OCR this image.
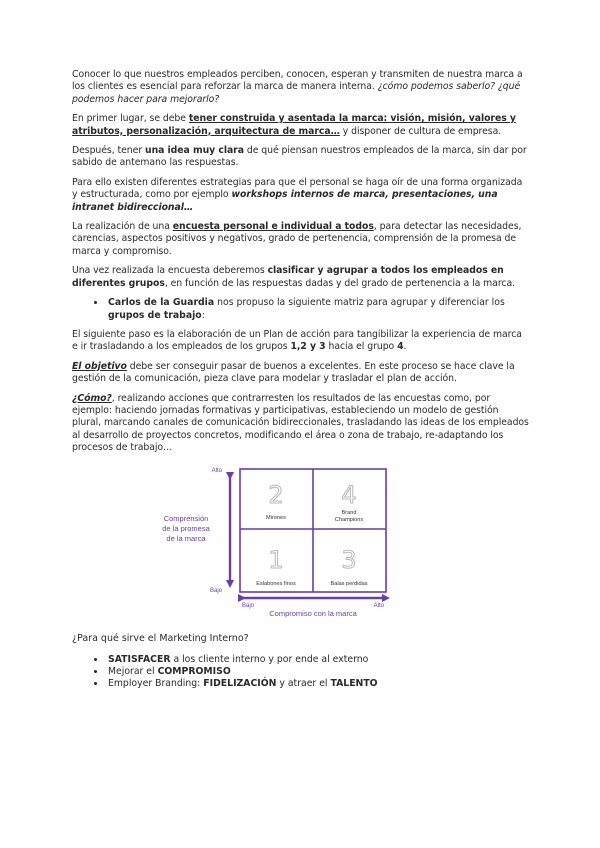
Conocer lo que nuestros empleados perciben, conocen, esperan y transmiten de nuestra marca a los clientes es esencial para reforzar la marca de manera interna. ¿cómo podemos saberlo? ¿qué podemos hacer para mejorarlo?

En primer lugar, se debe tener construida y asentada la marca: visión, misión, valores y atributos, personalización, arquitectura de marca… y disponer de cultura de empresa.

Después, tener una idea muy clara de qué piensan nuestros empleados de la marca, sin dar por sabido de antemano las respuestas.

Para ello existen diferentes estrategias para que el personal se haga oír de una forma organizada y estructurada, como por ejemplo workshops internos de marca, presentaciones, una intranet bidireccional…

La realización de una encuesta personal e individual a todos, para detectar las necesidades, carencias, aspectos positivos y negativos, grado de pertenencia, comprensión de la promesa de marca y compromiso.

Una vez realizada la encuesta deberemos clasificar y agrupar a todos los empleados en diferentes grupos, en función de las respuestas dadas y del grado de pertenencia a la marca.

• Carlos de la Guardia nos propuso la siguiente matriz para agrupar y diferenciar los grupos de trabajo:

El siguiente paso es la elaboración de un Plan de acción para tangibilizar la experiencia de marca e ir trasladando a los empleados de los grupos 1,2 y 3 hacia el grupo 4.

El objetivo debe ser conseguir pasar de buenos a excelentes. En este proceso se hace clave la gestión de la comunicación, pieza clave para modelar y trasladar el plan de acción.

¿Cómo?, realizando acciones que contrarresten los resultados de las encuestas como, por ejemplo: haciendo jornadas formativas y participativas, estableciendo un modelo de gestión plural, marcando canales de comunicación bidireccionales, trasladando las ideas de los empleados al desarrollo de proyectos concretos, modificando el área o zona de trabajo, re-adaptando los procesos de trabajo…

Alto
Bajo
Bajo	Alto
Comprensión
de la promesa
de la marca
Compromiso con la marca
2 4
1 3
Mirones
Brand
Champions
Eslabones finos	Balas perdidas
¿Para qué sirve el Marketing Interno?
• SATISFACER a los cliente interno y por ende al externo
• Mejorar el COMPROMISO
• Employer Branding: FIDELIZACIÓN y atraer el TALENTO
